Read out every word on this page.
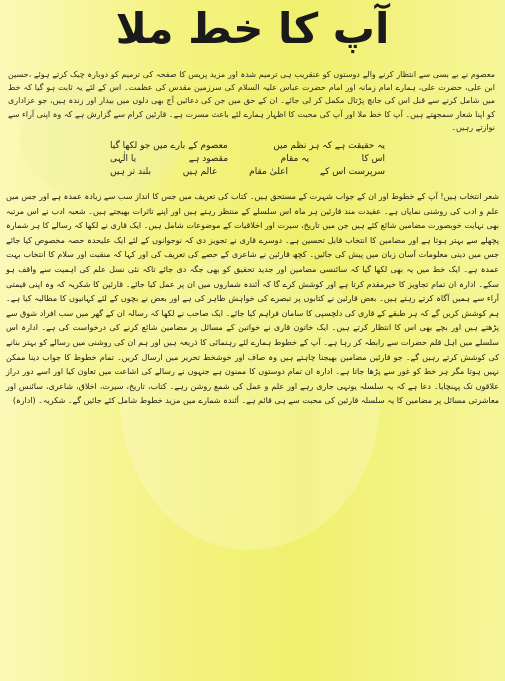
آپ کا خط ملا
معصوم نے بے بسی سے انتظار کرنے والے دوستوں کو عنقریب ہی ترمیم شدہ اور مزید پریس کا صفحہ کی ترمیم کو دوبارہ چیک کرتے ہوئے ،حسین ابن علی، حضرت علی، ہمارے امام زمانہ اور امام حضرت عباس علیہ السلام کی سرزمین مقدس کی عظمت۔ اس کے لئے یہ ثابت ہو گیا کہ خط میں شامل کرنے سے قبل اس کی جانچ پڑتال مکمل کر لی جائے۔ ان کے حق میں جن کی دعائیں آج بھی دلوں میں بیدار اور زندہ ہیں، جو عزاداری کو اپنا شعار سمجھتے ہیں۔ آپ کا خط ملا اور آپ کی محبت کا اظہار ہمارے لئے باعث مسرت ہے۔ قارئین کرام سے گزارش ہے کہ وہ اپنی آراء سے نوازتے رہیں۔
معصوم کے بارے میں جو لکھا گیا	یہ حقیقت ہے کہ ہر نظم میں
یا الٰہی	مقصود ہے	یہ مقام	اس کا
بلند تر ہیں	عالم ہیں	اعلیٰ مقام	سرپرست اس کے

شعر انتخاب ہیں! آپ کے خطوط اور ان کے جواب شہرت کے مستحق ہیں۔ کتاب کی تعریف میں جس کا انداز سب سے زیادہ عمدہ ہے اور جس میں علم و ادب کی روشنی نمایاں ہے۔ عقیدت مند قارئین ہر ماہ اس سلسلے کے منتظر رہتے ہیں اور اپنے تاثرات بھیجتے ہیں۔ شعبہ ادب نے اس مرتبہ بھی نہایت خوبصورت مضامین شائع کئے ہیں جن میں تاریخ، سیرت اور اخلاقیات کے موضوعات شامل ہیں۔ ایک قاری نے لکھا کہ رسالے کا ہر شمارہ پچھلے سے بہتر ہوتا ہے اور مضامین کا انتخاب قابل تحسین ہے۔ دوسرے قاری نے تجویز دی کہ نوجوانوں کے لئے ایک علیحدہ حصہ مخصوص کیا جائے جس میں دینی معلومات آسان زبان میں پیش کی جائیں۔ کچھ قارئین نے شاعری کے حصے کی تعریف کی اور کہا کہ منقبت اور سلام کا انتخاب بہت عمدہ ہے۔ ایک خط میں یہ بھی لکھا گیا کہ سائنسی مضامین اور جدید تحقیق کو بھی جگہ دی جائے تاکہ نئی نسل علم کی اہمیت سے واقف ہو سکے۔ ادارہ ان تمام تجاویز کا خیرمقدم کرتا ہے اور کوشش کرے گا کہ آئندہ شماروں میں ان پر عمل کیا جائے۔ قارئین کا شکریہ کہ وہ اپنی قیمتی آراء سے ہمیں آگاہ کرتے رہتے ہیں۔ بعض قارئین نے کتابوں پر تبصرے کی خواہش ظاہر کی ہے اور بعض نے بچوں کے لئے کہانیوں کا مطالبہ کیا ہے۔ ہم کوشش کریں گے کہ ہر طبقے کے قاری کی دلچسپی کا سامان فراہم کیا جائے۔ ایک صاحب نے لکھا کہ رسالہ ان کے گھر میں سب افراد شوق سے پڑھتے ہیں اور بچے بھی اس کا انتظار کرتے ہیں۔ ایک خاتون قاری نے خواتین کے مسائل پر مضامین شائع کرنے کی درخواست کی ہے۔ ادارہ اس سلسلے میں اہل قلم حضرات سے رابطہ کر رہا ہے۔ آپ کے خطوط ہمارے لئے رہنمائی کا ذریعہ ہیں اور ہم ان کی روشنی میں رسالے کو بہتر بنانے کی کوشش کرتے رہیں گے۔ جو قارئین مضامین بھیجنا چاہتے ہیں وہ صاف اور خوشخط تحریر میں ارسال کریں۔ تمام خطوط کا جواب دینا ممکن نہیں ہوتا مگر ہر خط کو غور سے پڑھا جاتا ہے۔ ادارہ ان تمام دوستوں کا ممنون ہے جنہوں نے رسالے کی اشاعت میں تعاون کیا اور اسے دور دراز علاقوں تک پہنچایا۔ دعا ہے کہ یہ سلسلہ یونہی جاری رہے اور علم و عمل کی شمع روشن رہے۔ کتاب، تاریخ، سیرت، اخلاق، شاعری، سائنس اور معاشرتی مسائل پر مضامین کا یہ سلسلہ قارئین کی محبت سے ہی قائم ہے۔ آئندہ شمارے میں مزید خطوط شامل کئے جائیں گے۔ شکریہ۔ (ادارہ)
